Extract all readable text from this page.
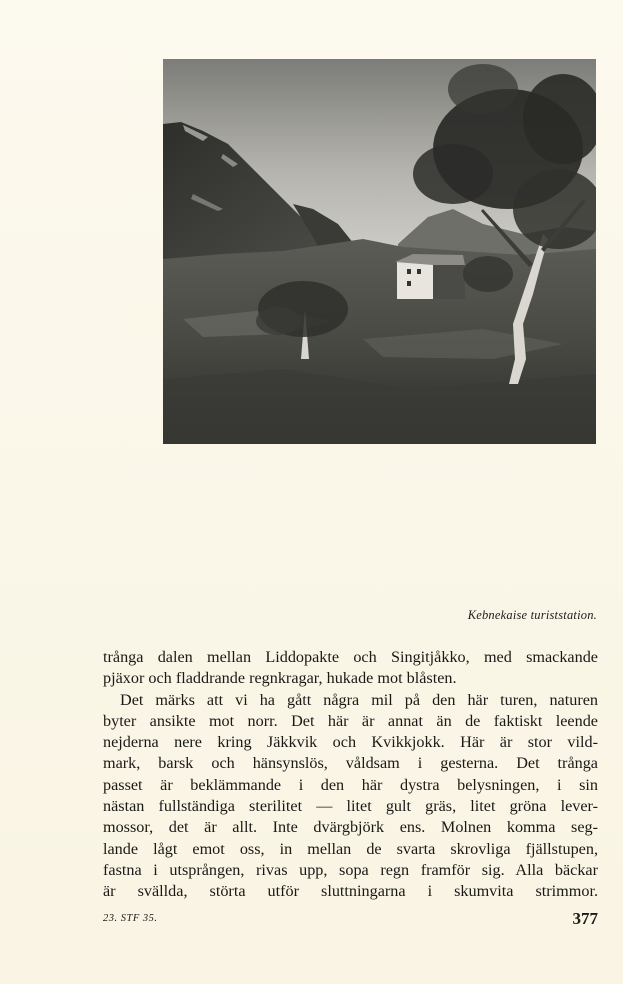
Kebnekaise turiststation.
trånga dalen mellan Liddopakte och Singitjåkko, med smackande
pjäxor och fladdrande regnkragar, hukade mot blåsten.
Det märks att vi ha gått några mil på den här turen, naturen
byter ansikte mot norr. Det här är annat än de faktiskt leende
nejderna nere kring Jäkkvik och Kvikkjokk. Här är stor vild-
mark, barsk och hänsynslös, våldsam i gesterna. Det trånga
passet är beklämmande i den här dystra belysningen, i sin
nästan fullständiga sterilitet — litet gult gräs, litet gröna lever-
mossor, det är allt. Inte dvärgbjörk ens. Molnen komma seg-
lande lågt emot oss, in mellan de svarta skrovliga fjällstupen,
fastna i utsprången, rivas upp, sopa regn framför sig. Alla bäckar
är svällda, störta utför sluttningarna i skumvita strimmor.
23. STF 35.	377
